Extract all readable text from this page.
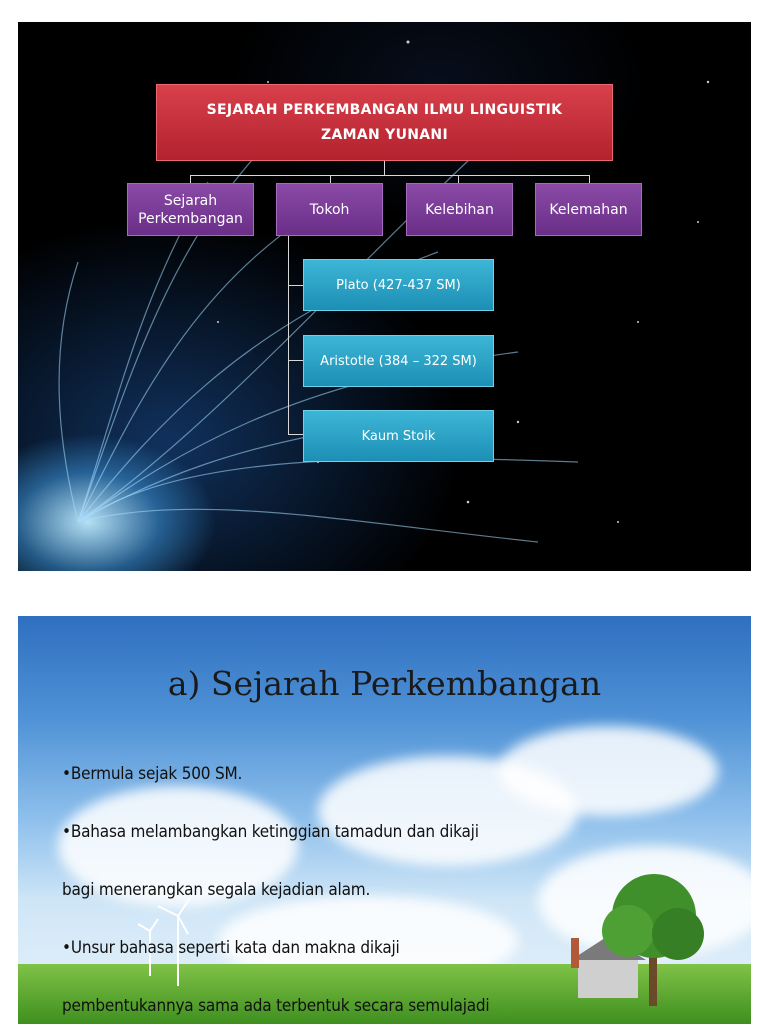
SEJARAH PERKEMBANGAN ILMU LINGUISTIK
ZAMAN YUNANI
Sejarah
Perkembangan
Tokoh	Kelebihan	Kelemahan
Plato (427-437 SM)
Aristotle (384 – 322 SM)
Kaum Stoik
a) Sejarah Perkembangan
•Bermula sejak 500 SM.
•Bahasa melambangkan ketinggian tamadun dan dikaji
bagi menerangkan segala kejadian alam.
•Unsur bahasa seperti kata dan makna dikaji
pembentukannya sama ada terbentuk secara semulajadi
